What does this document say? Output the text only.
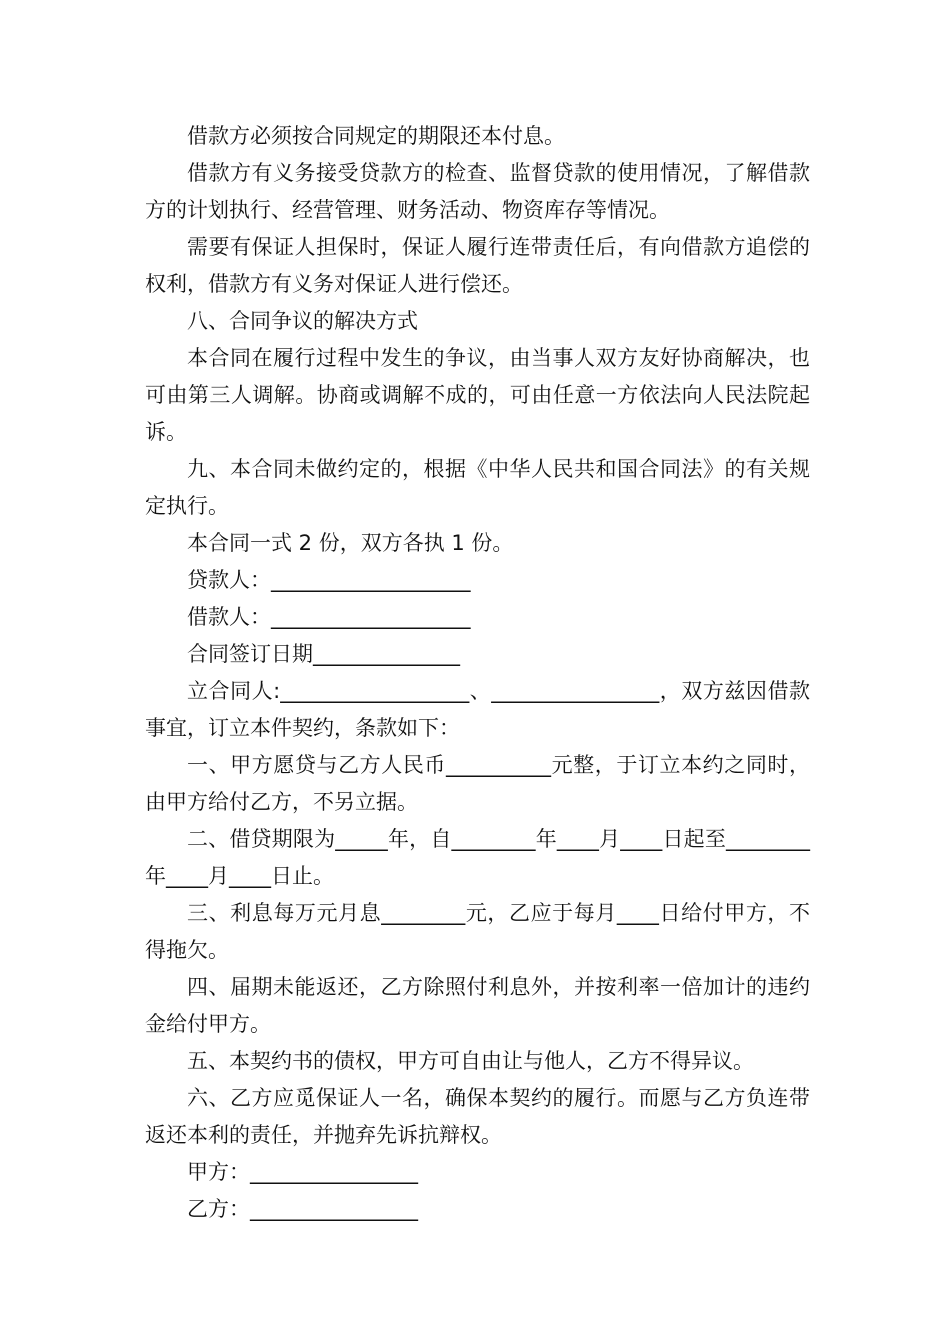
借款方必须按合同规定的期限还本付息。

借款方有义务接受贷款方的检查、监督贷款的使用情况，了解借款方的计划执行、经营管理、财务活动、物资库存等情况。

需要有保证人担保时，保证人履行连带责任后，有向借款方追偿的权利，借款方有义务对保证人进行偿还。

八、合同争议的解决方式

本合同在履行过程中发生的争议，由当事人双方友好协商解决，也可由第三人调解。协商或调解不成的，可由任意一方依法向人民法院起诉。

九、本合同未做约定的，根据《中华人民共和国合同法》的有关规定执行。

本合同一式 2 份，双方各执 1 份。

贷款人：___________________

借款人：___________________

合同签订日期______________

立合同人:__________________、________________，双方兹因借款事宜，订立本件契约，条款如下：

一、甲方愿贷与乙方人民币__________元整，于订立本约之同时，由甲方给付乙方，不另立据。

二、借贷期限为_____年，自________年____月____日起至________年____月____日止。

三、利息每万元月息________元，乙应于每月____日给付甲方，不得拖欠。

四、届期未能返还，乙方除照付利息外，并按利率一倍加计的违约金给付甲方。

五、本契约书的债权，甲方可自由让与他人，乙方不得异议。

六、乙方应觅保证人一名，确保本契约的履行。而愿与乙方负连带返还本利的责任，并抛弃先诉抗辩权。

甲方：________________

乙方：________________
